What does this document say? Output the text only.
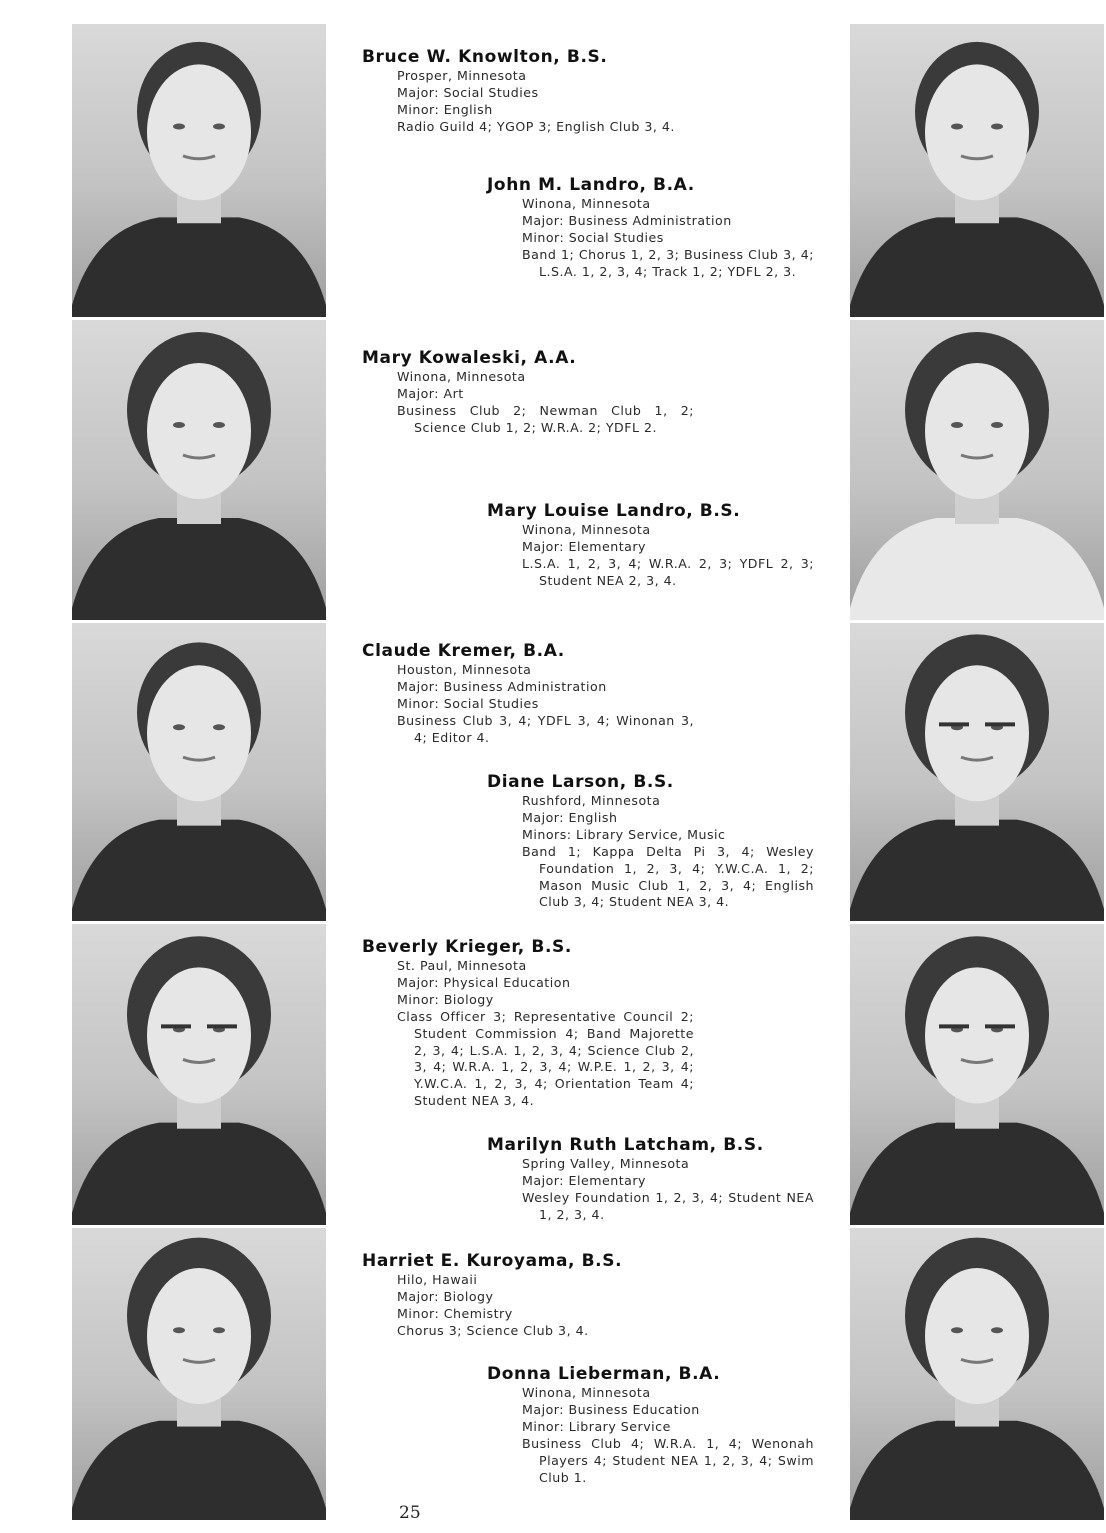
Bruce W. Knowlton, B.S.
Prosper, Minnesota
Major: Social Studies
Minor: English
Radio Guild 4; YGOP 3; English Club 3, 4.
John M. Landro, B.A.
Winona, Minnesota
Major: Business Administration
Minor: Social Studies
Band 1; Chorus 1, 2, 3; Business Club 3, 4; L.S.A. 1, 2, 3, 4; Track 1, 2; YDFL 2, 3.
Mary Kowaleski, A.A.
Winona, Minnesota
Major: Art
Business Club 2; Newman Club 1, 2; Science Club 1, 2; W.R.A. 2; YDFL 2.
Mary Louise Landro, B.S.
Winona, Minnesota
Major: Elementary
L.S.A. 1, 2, 3, 4; W.R.A. 2, 3; YDFL 2, 3; Student NEA 2, 3, 4.
Claude Kremer, B.A.
Houston, Minnesota
Major: Business Administration
Minor: Social Studies
Business Club 3, 4; YDFL 3, 4; Winonan 3, 4; Editor 4.
Diane Larson, B.S.
Rushford, Minnesota
Major: English
Minors: Library Service, Music
Band 1; Kappa Delta Pi 3, 4; Wesley Foundation 1, 2, 3, 4; Y.W.C.A. 1, 2; Mason Music Club 1, 2, 3, 4; English Club 3, 4; Student NEA 3, 4.
Beverly Krieger, B.S.
St. Paul, Minnesota
Major: Physical Education
Minor: Biology
Class Officer 3; Representative Council 2; Student Commission 4; Band Majorette 2, 3, 4; L.S.A. 1, 2, 3, 4; Science Club 2, 3, 4; W.R.A. 1, 2, 3, 4; W.P.E. 1, 2, 3, 4; Y.W.C.A. 1, 2, 3, 4; Orientation Team 4; Student NEA 3, 4.
Marilyn Ruth Latcham, B.S.
Spring Valley, Minnesota
Major: Elementary
Wesley Foundation 1, 2, 3, 4; Student NEA 1, 2, 3, 4.
Harriet E. Kuroyama, B.S.
Hilo, Hawaii
Major: Biology
Minor: Chemistry
Chorus 3; Science Club 3, 4.
Donna Lieberman, B.A.
Winona, Minnesota
Major: Business Education
Minor: Library Service
Business Club 4; W.R.A. 1, 4; Wenonah Players 4; Student NEA 1, 2, 3, 4; Swim Club 1.
25
